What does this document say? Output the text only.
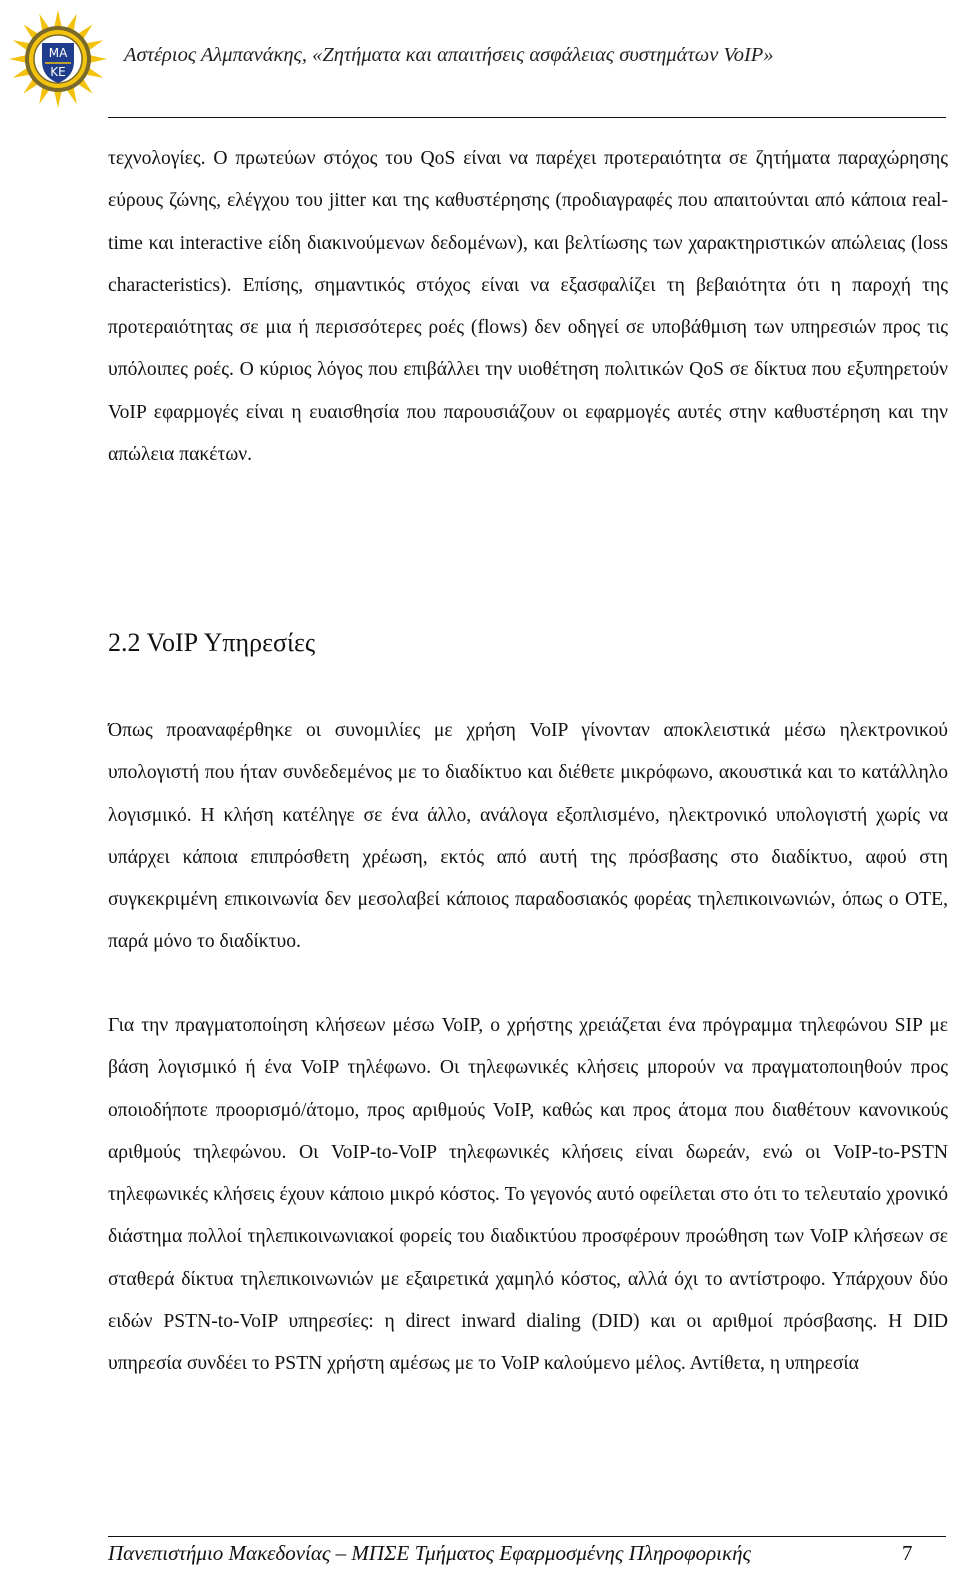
ΜΑ
ΚΕ
Αστέριος Αλμπανάκης, «Ζητήματα και απαιτήσεις ασφάλειας συστημάτων VoIP»

τεχνολογίες. Ο πρωτεύων στόχος του QoS είναι να παρέχει προτεραιότητα σε ζητήματα παραχώρησης εύρους ζώνης, ελέγχου του jitter και της καθυστέρησης (προδιαγραφές που απαιτούνται από κάποια real-time και interactive είδη διακινούμενων δεδομένων), και βελτίωσης των χαρακτηριστικών απώλειας (loss characteristics). Επίσης, σημαντικός στόχος είναι να εξασφαλίζει τη βεβαιότητα ότι η παροχή της προτεραιότητας σε μια ή περισσότερες ροές (flows) δεν οδηγεί σε υποβάθμιση των υπηρεσιών προς τις υπόλοιπες ροές. Ο κύριος λόγος που επιβάλλει την υιοθέτηση πολιτικών QoS σε δίκτυα που εξυπηρετούν VoIP εφαρμογές είναι η ευαισθησία που παρουσιάζουν οι εφαρμογές αυτές στην καθυστέρηση και την απώλεια πακέτων.

2.2 VoIP Υπηρεσίες

Όπως προαναφέρθηκε οι συνομιλίες με χρήση VoIP γίνονταν αποκλειστικά μέσω ηλεκτρονικού υπολογιστή που ήταν συνδεδεμένος με το διαδίκτυο και διέθετε μικρόφωνο, ακουστικά και το κατάλληλο λογισμικό. Η κλήση κατέληγε σε ένα άλλο, ανάλογα εξοπλισμένο, ηλεκτρονικό υπολογιστή χωρίς να υπάρχει κάποια επιπρόσθετη χρέωση, εκτός από αυτή της πρόσβασης στο διαδίκτυο, αφού στη συγκεκριμένη επικοινωνία δεν μεσολαβεί κάποιος παραδοσιακός φορέας τηλεπικοινωνιών, όπως ο ΟΤΕ, παρά μόνο το διαδίκτυο.

Για την πραγματοποίηση κλήσεων μέσω VoIP, ο χρήστης χρειάζεται ένα πρόγραμμα τηλεφώνου SIP με βάση λογισμικό ή ένα VoIP τηλέφωνο. Οι τηλεφωνικές κλήσεις μπορούν να πραγματοποιηθούν προς οποιοδήποτε προορισμό/άτομο, προς αριθμούς VoIP, καθώς και προς άτομα που διαθέτουν κανονικούς αριθμούς τηλεφώνου. Οι VoIP-to-VoIP τηλεφωνικές κλήσεις είναι δωρεάν, ενώ οι VoIP-to-PSTN τηλεφωνικές κλήσεις έχουν κάποιο μικρό κόστος. Το γεγονός αυτό οφείλεται στο ότι το τελευταίο χρονικό διάστημα πολλοί τηλεπικοινωνιακοί φορείς του διαδικτύου προσφέρουν προώθηση των VoIP κλήσεων σε σταθερά δίκτυα τηλεπικοινωνιών με εξαιρετικά χαμηλό κόστος, αλλά όχι το αντίστροφο. Υπάρχουν δύο ειδών PSTN-to-VoIP υπηρεσίες: η direct inward dialing (DID) και οι αριθμοί πρόσβασης. Η DID υπηρεσία συνδέει το PSTN χρήστη αμέσως με το VoIP καλούμενο μέλος. Αντίθετα, η υπηρεσία

Πανεπιστήμιο Μακεδονίας – ΜΠΣΕ Τμήματος Εφαρμοσμένης Πληροφορικής	7
